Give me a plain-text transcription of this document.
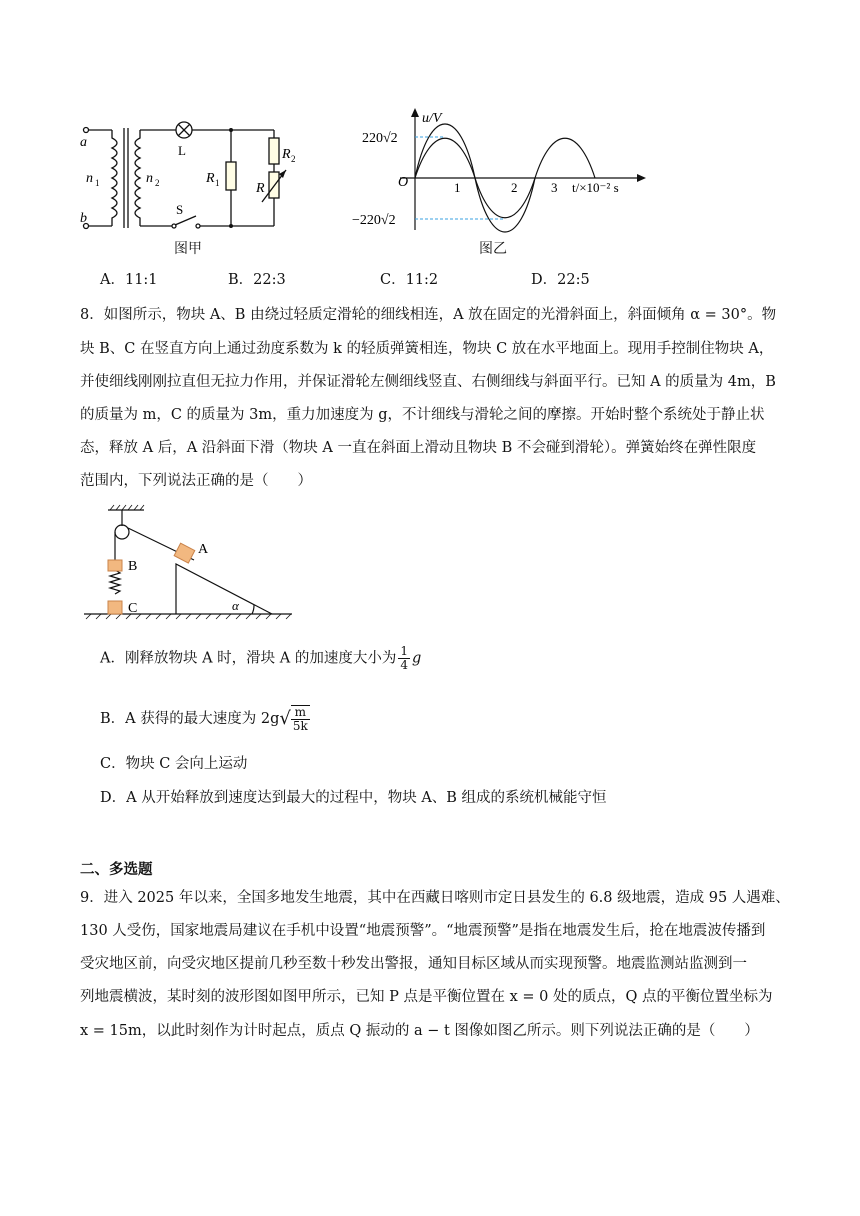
a
b
n 1	n 2
L
S
R 1
R 2
R
图甲
u/V
220√2
−220√2
O	1	2	3 t/×10⁻² s
图乙
A．11:1	B．22:3	C．11:2	D．22:5
8．如图所示，物块 A、B 由绕过轻质定滑轮的细线相连，A 放在固定的光滑斜面上，斜面倾角 α = 30°。物
块 B、C 在竖直方向上通过劲度系数为 k 的轻质弹簧相连，物块 C 放在水平地面上。现用手控制住物块 A，
并使细线刚刚拉直但无拉力作用，并保证滑轮左侧细线竖直、右侧细线与斜面平行。已知 A 的质量为 4m，B
的质量为 m，C 的质量为 3m，重力加速度为 g，不计细线与滑轮之间的摩擦。开始时整个系统处于静止状
态，释放 A 后，A 沿斜面下滑（物块 A 一直在斜面上滑动且物块 B 不会碰到滑轮）。弹簧始终在弹性限度
范围内，下列说法正确的是（　　）
B
C
A
α
A．刚释放物块 A 时，滑块 A 的加速度大小为 $\frac{1}{4}$ g
B．A 获得的最大速度为 $2g√ \frac{m}{5k}$
C．物块 C 会向上运动
D．A 从开始释放到速度达到最大的过程中，物块 A、B 组成的系统机械能守恒
二、多选题
9．进入 2025 年以来，全国多地发生地震，其中在西藏日喀则市定日县发生的 6.8 级地震，造成 95 人遇难、
130 人受伤，国家地震局建议在手机中设置“地震预警”。“地震预警”是指在地震发生后，抢在地震波传播到
受灾地区前，向受灾地区提前几秒至数十秒发出警报，通知目标区域从而实现预警。地震监测站监测到一
列地震横波，某时刻的波形图如图甲所示，已知 P 点是平衡位置在 x = 0 处的质点，Q 点的平衡位置坐标为
x = 15m，以此时刻作为计时起点，质点 Q 振动的 a − t 图像如图乙所示。则下列说法正确的是（　　）
